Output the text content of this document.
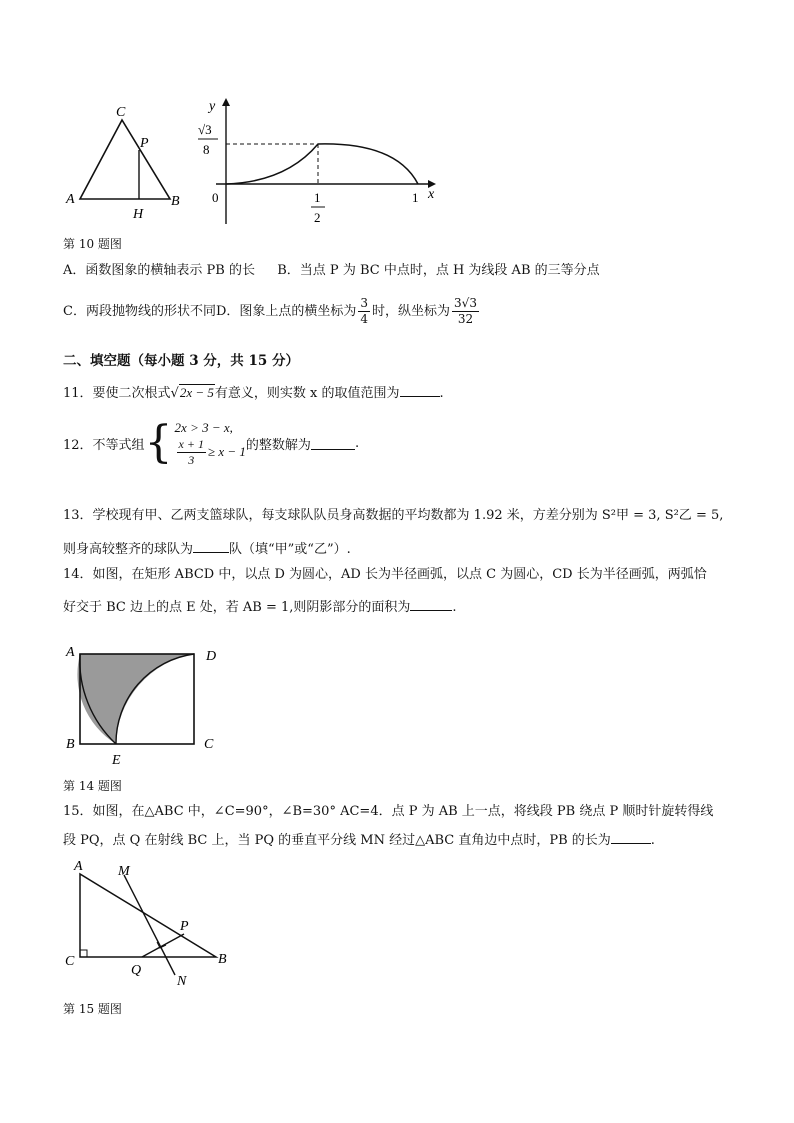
C
P
A
H
B
y
x
0
√3
8
1
2
1
第 10 题图
A．函数图象的横轴表示 PB 的长 B．当点 P 为 BC 中点时，点 H 为线段 AB 的三等分点
C．两段抛物线的形状不同 D．图象上点的横坐标为 $\frac{3}{4}$ 时，纵坐标为 $\frac{3√3}{32}$
二、填空题（每小题 3 分，共 15 分）
11．要使二次根式√2x − 5有意义，则实数 x 的取值范围为	.
12．不等式组 { 2x > 3 − x,
$\frac{x + 1}{3} \ge x - 1$ 的整数解为	.
13．学校现有甲、乙两支篮球队，每支球队队员身高数据的平均数都为 1.92 米，方差分别为 S²甲 = 3, S²乙 = 5,
则身高较整齐的球队为	队（填“甲”或“乙”）.
14．如图，在矩形 ABCD 中，以点 D 为圆心，AD 长为半径画弧，以点 C 为圆心，CD 长为半径画弧，两弧恰
好交于 BC 边上的点 E 处，若 AB = 1,则阴影部分的面积为	.
A	D
B
E
C
第 14 题图
15．如图，在△ABC 中，∠C=90°，∠B=30° AC=4．点 P 为 AB 上一点，将线段 PB 绕点 P 顺时针旋转得线
段 PQ，点 Q 在射线 BC 上，当 PQ 的垂直平分线 MN 经过△ABC 直角边中点时，PB 的长为	.
A	M
P
C
Q
N
B
第 15 题图
